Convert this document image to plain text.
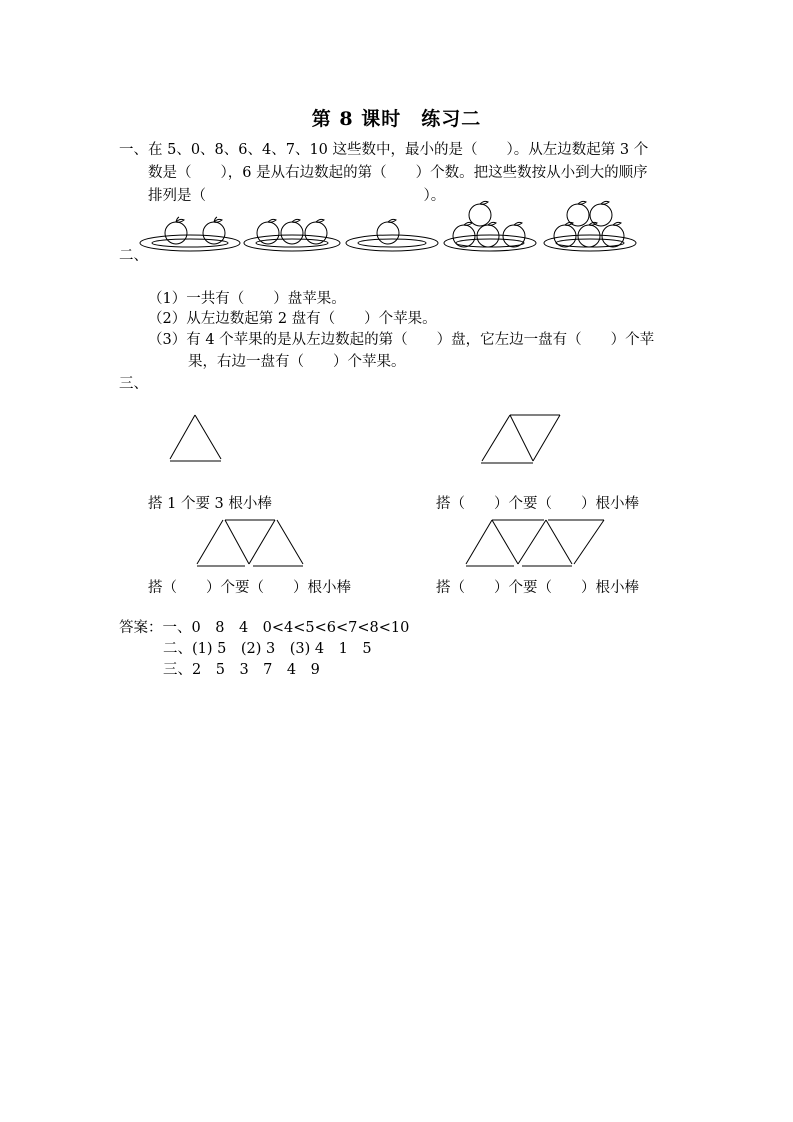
第 8 课时　练习二
一、在 5、0、8、6、4、7、10 这些数中，最小的是（　　）。从左边数起第 3 个
数是（　　），6 是从右边数起的第（　　）个数。把这些数按从小到大的顺序
排列是（　　　　　　　　　　　　　　　）。
二、
（1）一共有（　　）盘苹果。
（2）从左边数起第 2 盘有（　　）个苹果。
（3）有 4 个苹果的是从左边数起的第（　　）盘，它左边一盘有（　　）个苹
果，右边一盘有（　　）个苹果。
三、
搭 1 个要 3 根小棒	搭（　　）个要（　　）根小棒
搭（　　）个要（　　）根小棒	搭（　　）个要（　　）根小棒
答案：一、0　8　4　0<4<5<6<7<8<10
二、(1) 5　(2) 3　(3) 4　1　5
三、2　5　3　7　4　9
